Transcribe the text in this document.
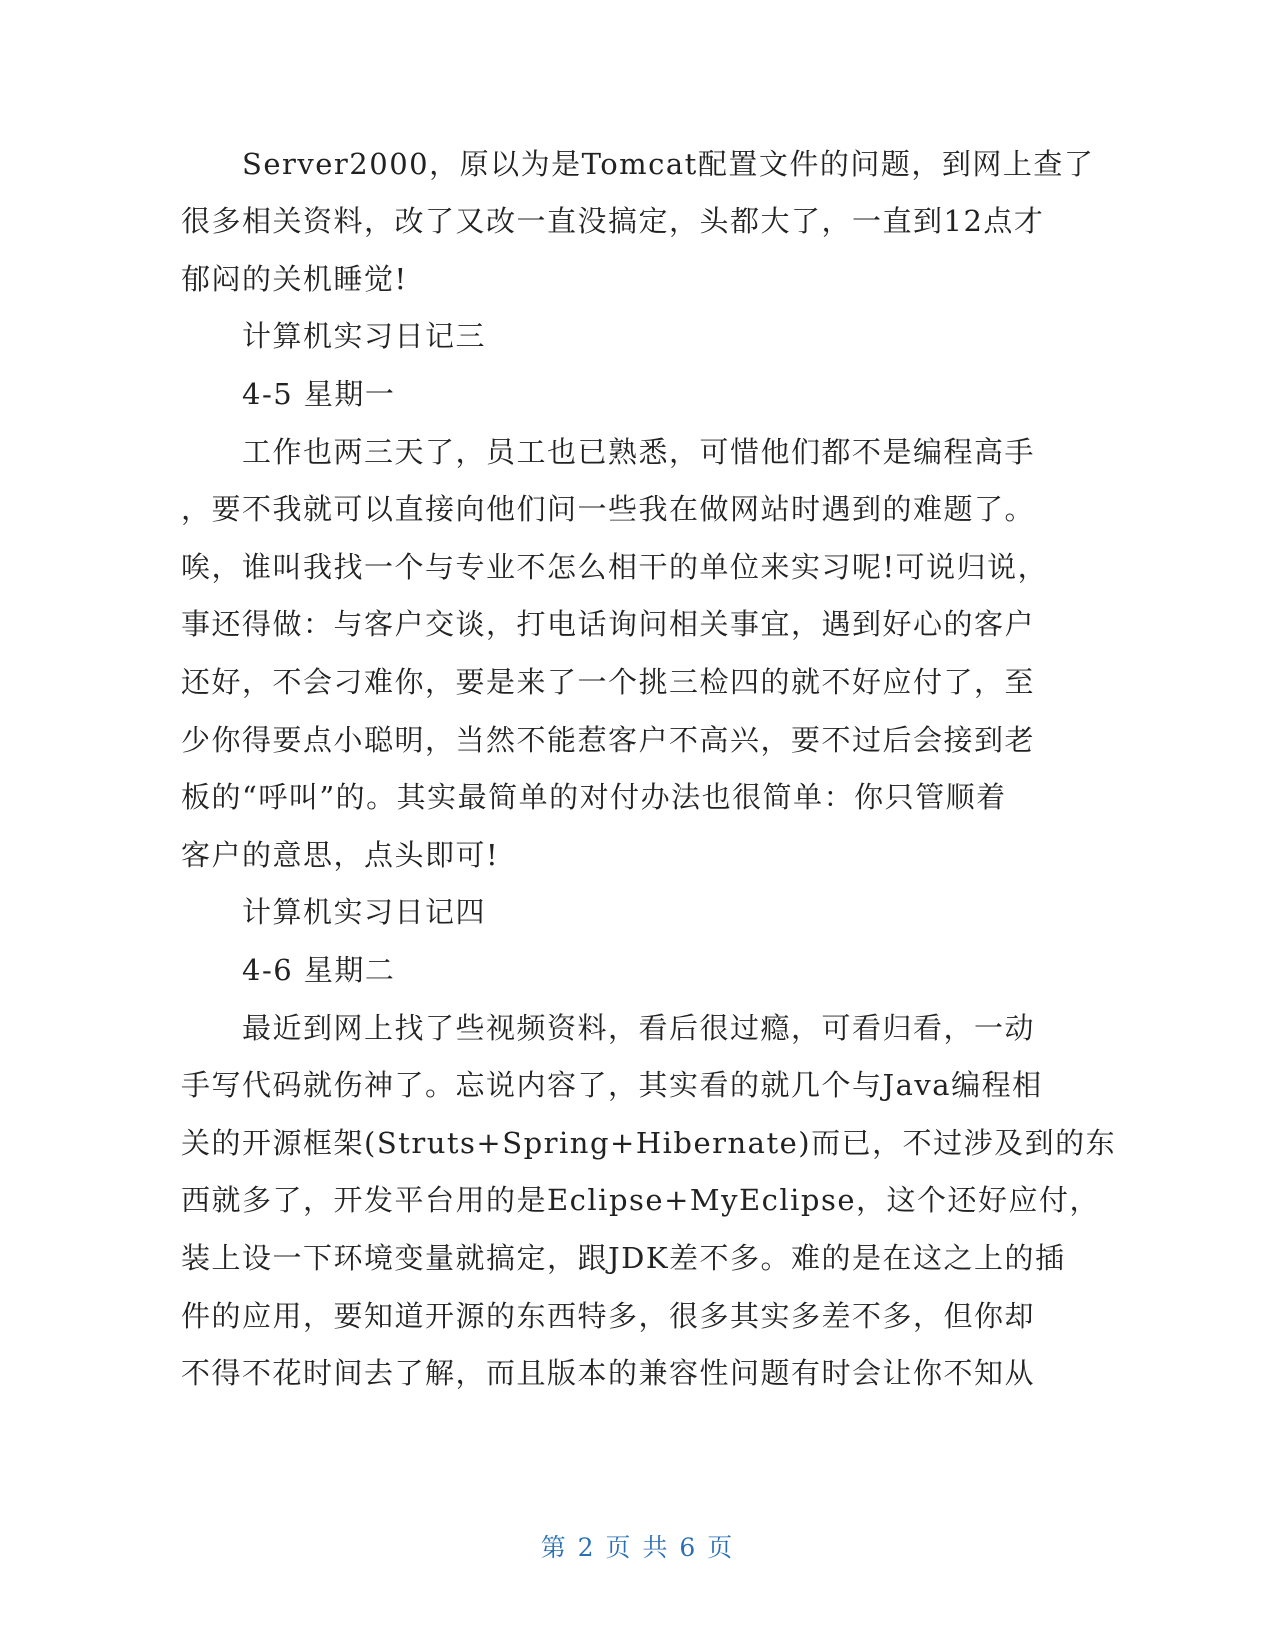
　　Server2000，原以为是Tomcat配置文件的问题，到网上查了
很多相关资料，改了又改一直没搞定，头都大了，一直到12点才
郁闷的关机睡觉!
　　计算机实习日记三
　　4-5 星期一
　　工作也两三天了，员工也已熟悉，可惜他们都不是编程高手
，要不我就可以直接向他们问一些我在做网站时遇到的难题了。
唉，谁叫我找一个与专业不怎么相干的单位来实习呢!可说归说，
事还得做：与客户交谈，打电话询问相关事宜，遇到好心的客户
还好，不会刁难你，要是来了一个挑三检四的就不好应付了，至
少你得要点小聪明，当然不能惹客户不高兴，要不过后会接到老
板的“呼叫”的。其实最简单的对付办法也很简单：你只管顺着
客户的意思，点头即可!
　　计算机实习日记四
　　4-6 星期二
　　最近到网上找了些视频资料，看后很过瘾，可看归看，一动
手写代码就伤神了。忘说内容了，其实看的就几个与Java编程相
关的开源框架(Struts+Spring+Hibernate)而已，不过涉及到的东
西就多了，开发平台用的是Eclipse+MyEclipse，这个还好应付，
装上设一下环境变量就搞定，跟JDK差不多。难的是在这之上的插
件的应用，要知道开源的东西特多，很多其实多差不多，但你却
不得不花时间去了解，而且版本的兼容性问题有时会让你不知从
第 2 页 共 6 页
